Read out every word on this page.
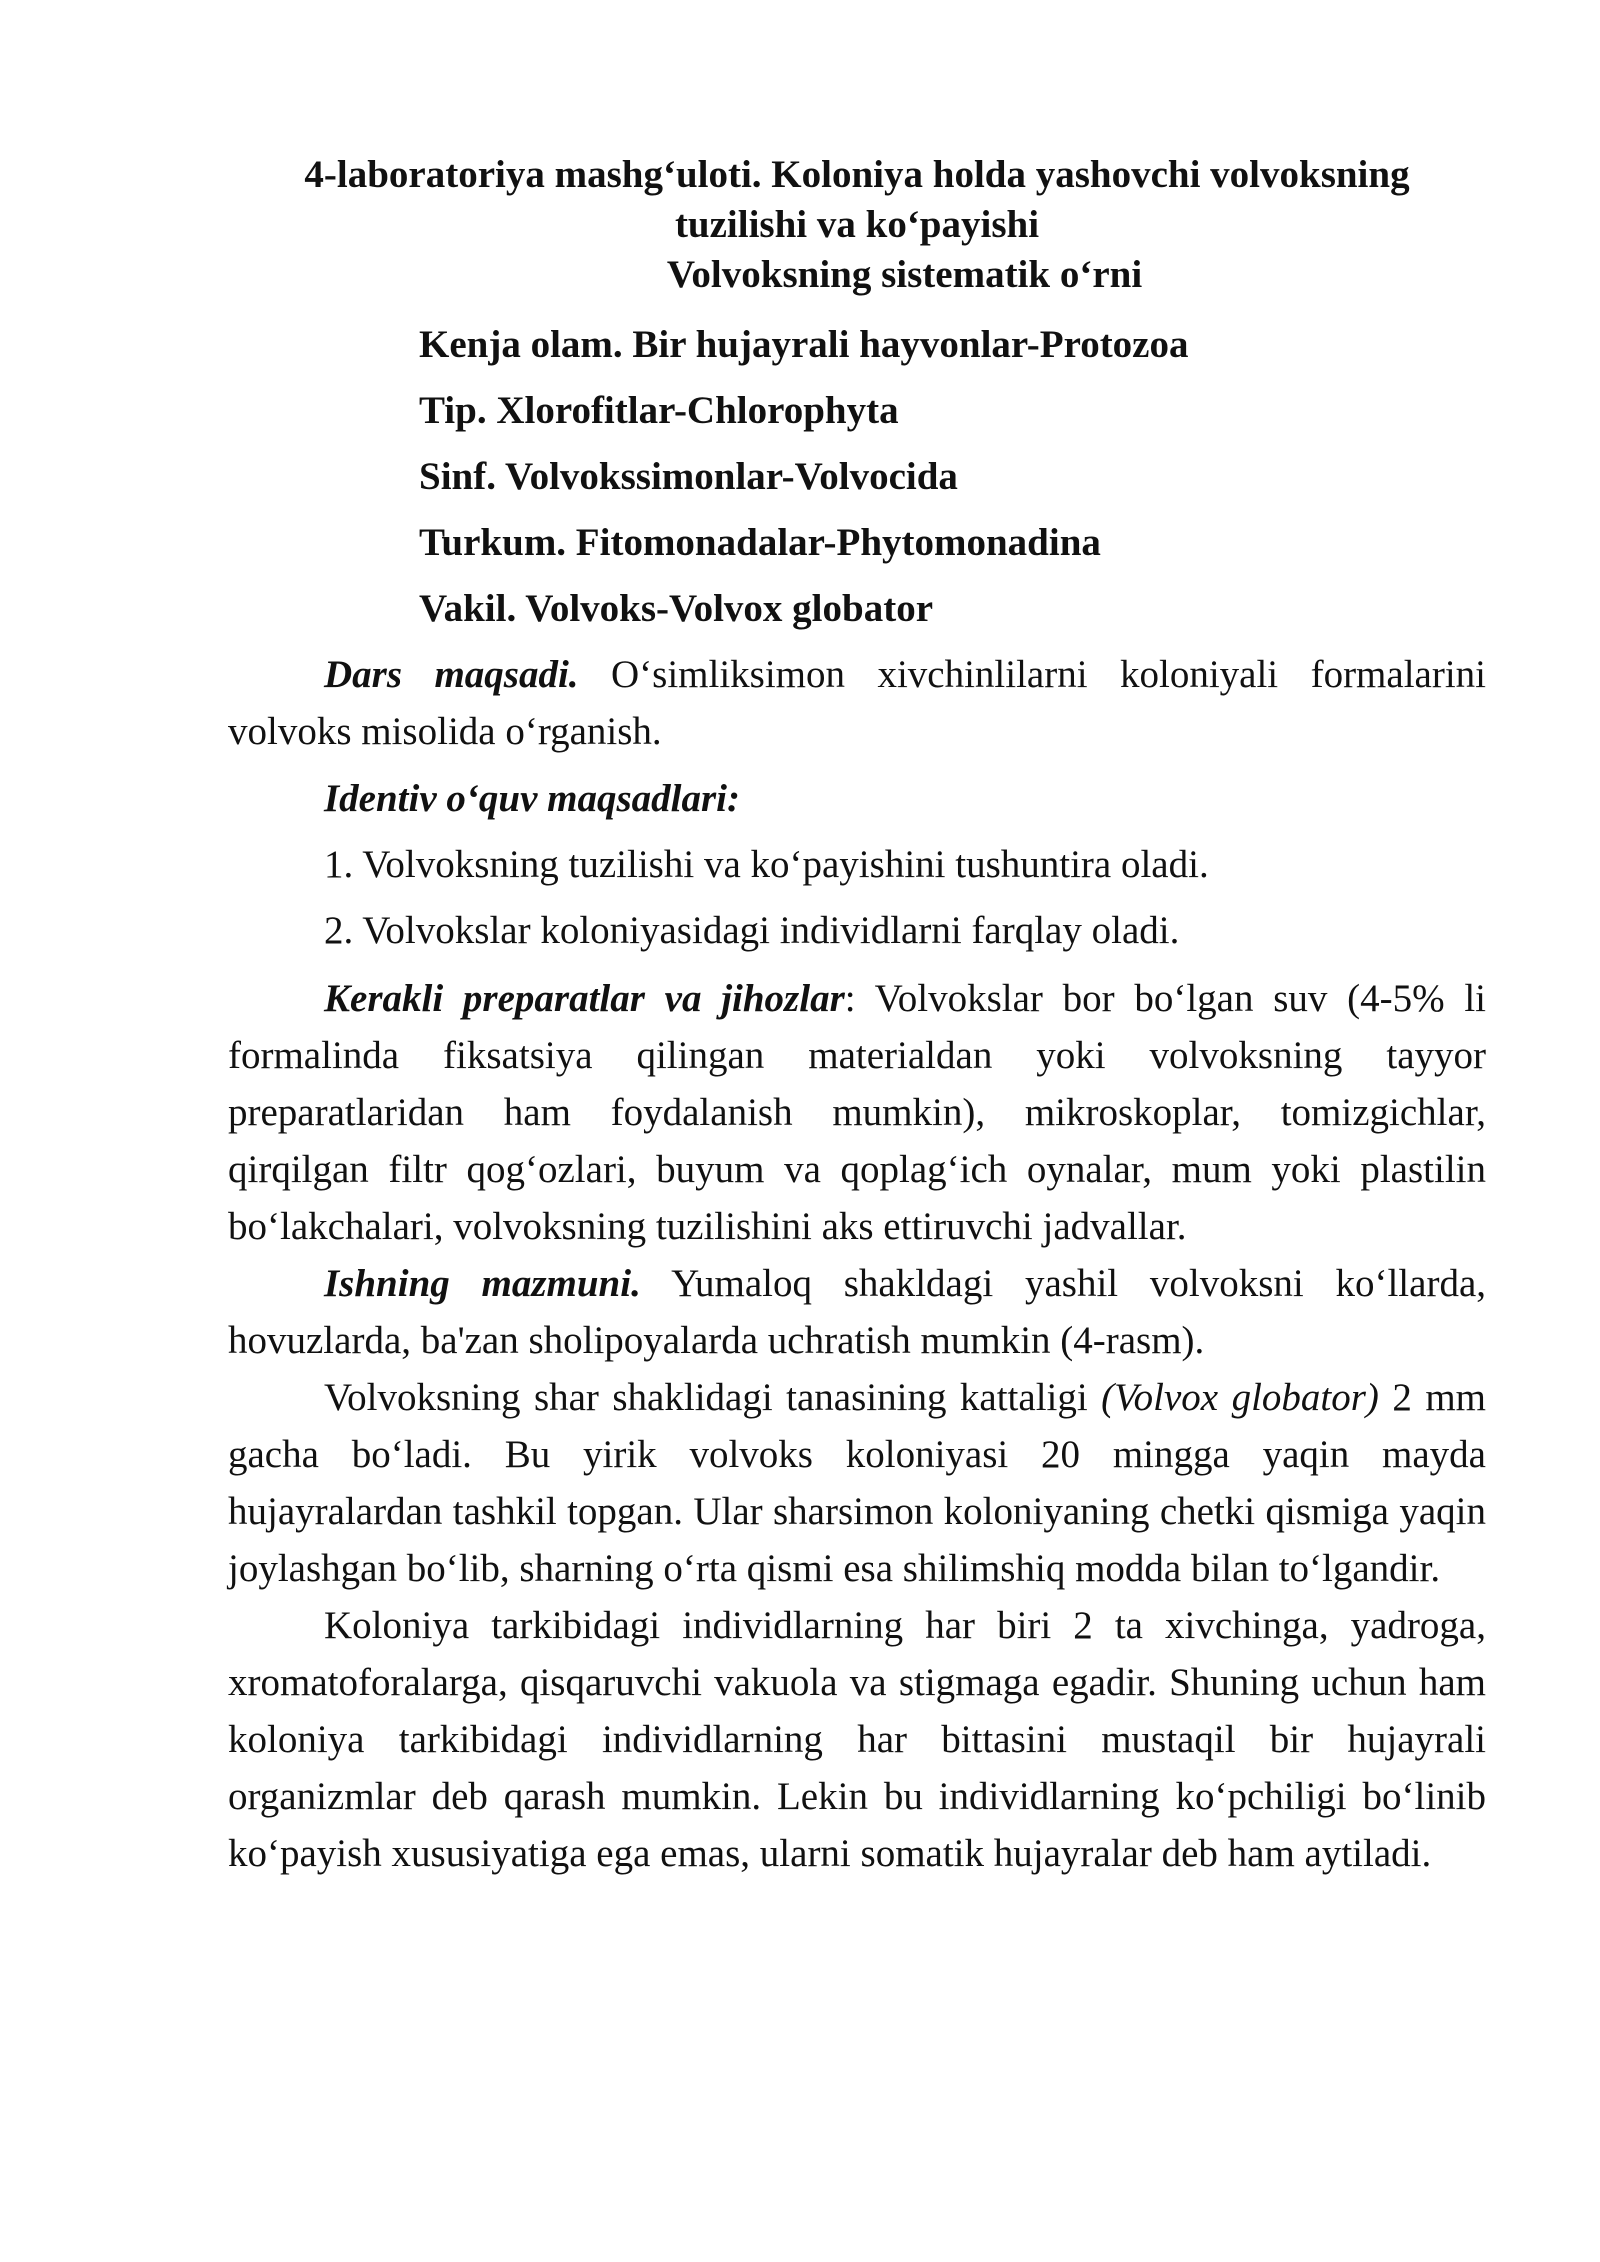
4-laboratoriya mashg‘uloti. Koloniya holda yashovchi volvoksning
tuzilishi va ko‘payishi
Volvoksning sistematik o‘rni
Kenja olam. Bir hujayrali hayvonlar-Protozoa
Tip. Xlorofitlar-Chlorophyta
Sinf. Volvokssimonlar-Volvocida
Turkum. Fitomonadalar-Phytomonadina
Vakil. Volvoks-Volvox globator

Dars maqsadi. O‘simliksimon xivchinlilarni koloniyali formalarini volvoks misolida o‘rganish.

Identiv o‘quv maqsadlari:
1. Volvoksning tuzilishi va ko‘payishini tushuntira oladi.
2. Volvokslar koloniyasidagi individlarni farqlay oladi.

Kerakli preparatlar va jihozlar: Volvokslar bor bo‘lgan suv (4-5% li formalinda fiksatsiya qilingan materialdan yoki volvoksning tayyor preparatlaridan ham foydalanish mumkin), mikroskoplar, tomizgichlar, qirqilgan filtr qog‘ozlari, buyum va qoplag‘ich oynalar, mum yoki plastilin bo‘lakchalari, volvoksning tuzilishini aks ettiruvchi jadvallar.

Ishning mazmuni. Yumaloq shakldagi yashil volvoksni ko‘llarda, hovuzlarda, ba'zan sholipoyalarda uchratish mumkin (4-rasm).

Volvoksning shar shaklidagi tanasining kattaligi (Volvox globator) 2 mm gacha bo‘ladi. Bu yirik volvoks koloniyasi 20 mingga yaqin mayda hujayralardan tashkil topgan. Ular sharsimon koloniyaning chetki qismiga yaqin joylashgan bo‘lib, sharning o‘rta qismi esa shilimshiq modda bilan to‘lgandir.

Koloniya tarkibidagi individlarning har biri 2 ta xivchinga, yadroga, xromatoforalarga, qisqaruvchi vakuola va stigmaga egadir. Shuning uchun ham koloniya tarkibidagi individlarning har bittasini mustaqil bir hujayrali organizmlar deb qarash mumkin. Lekin bu individlarning ko‘pchiligi bo‘linib ko‘payish xususiyatiga ega emas, ularni somatik hujayralar deb ham aytiladi.
